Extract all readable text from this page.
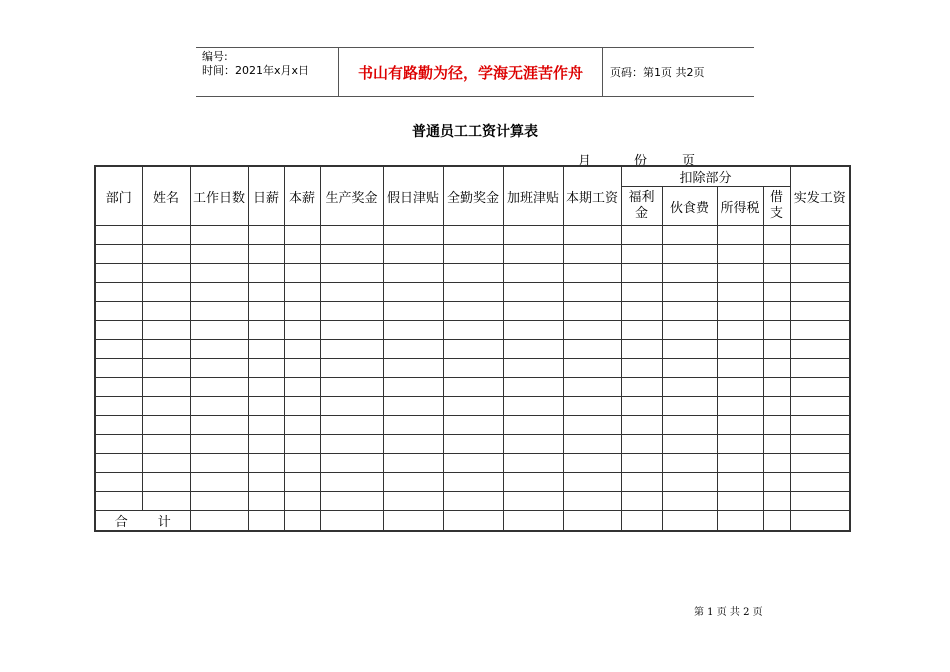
编号:
时间：2021年x月x日	书山有路勤为径，学海无涯苦作舟	页码：第1页 共2页
普通员工工资计算表
月	份	页
部门	姓名	工作日数	日薪	本薪	生产奖金	假日津贴	全勤奖金	加班津贴	本期工资	扣除部分				实发工资
										福利金	伙食费	所得税	借支	

合 计														
第 1 页 共 2 页
